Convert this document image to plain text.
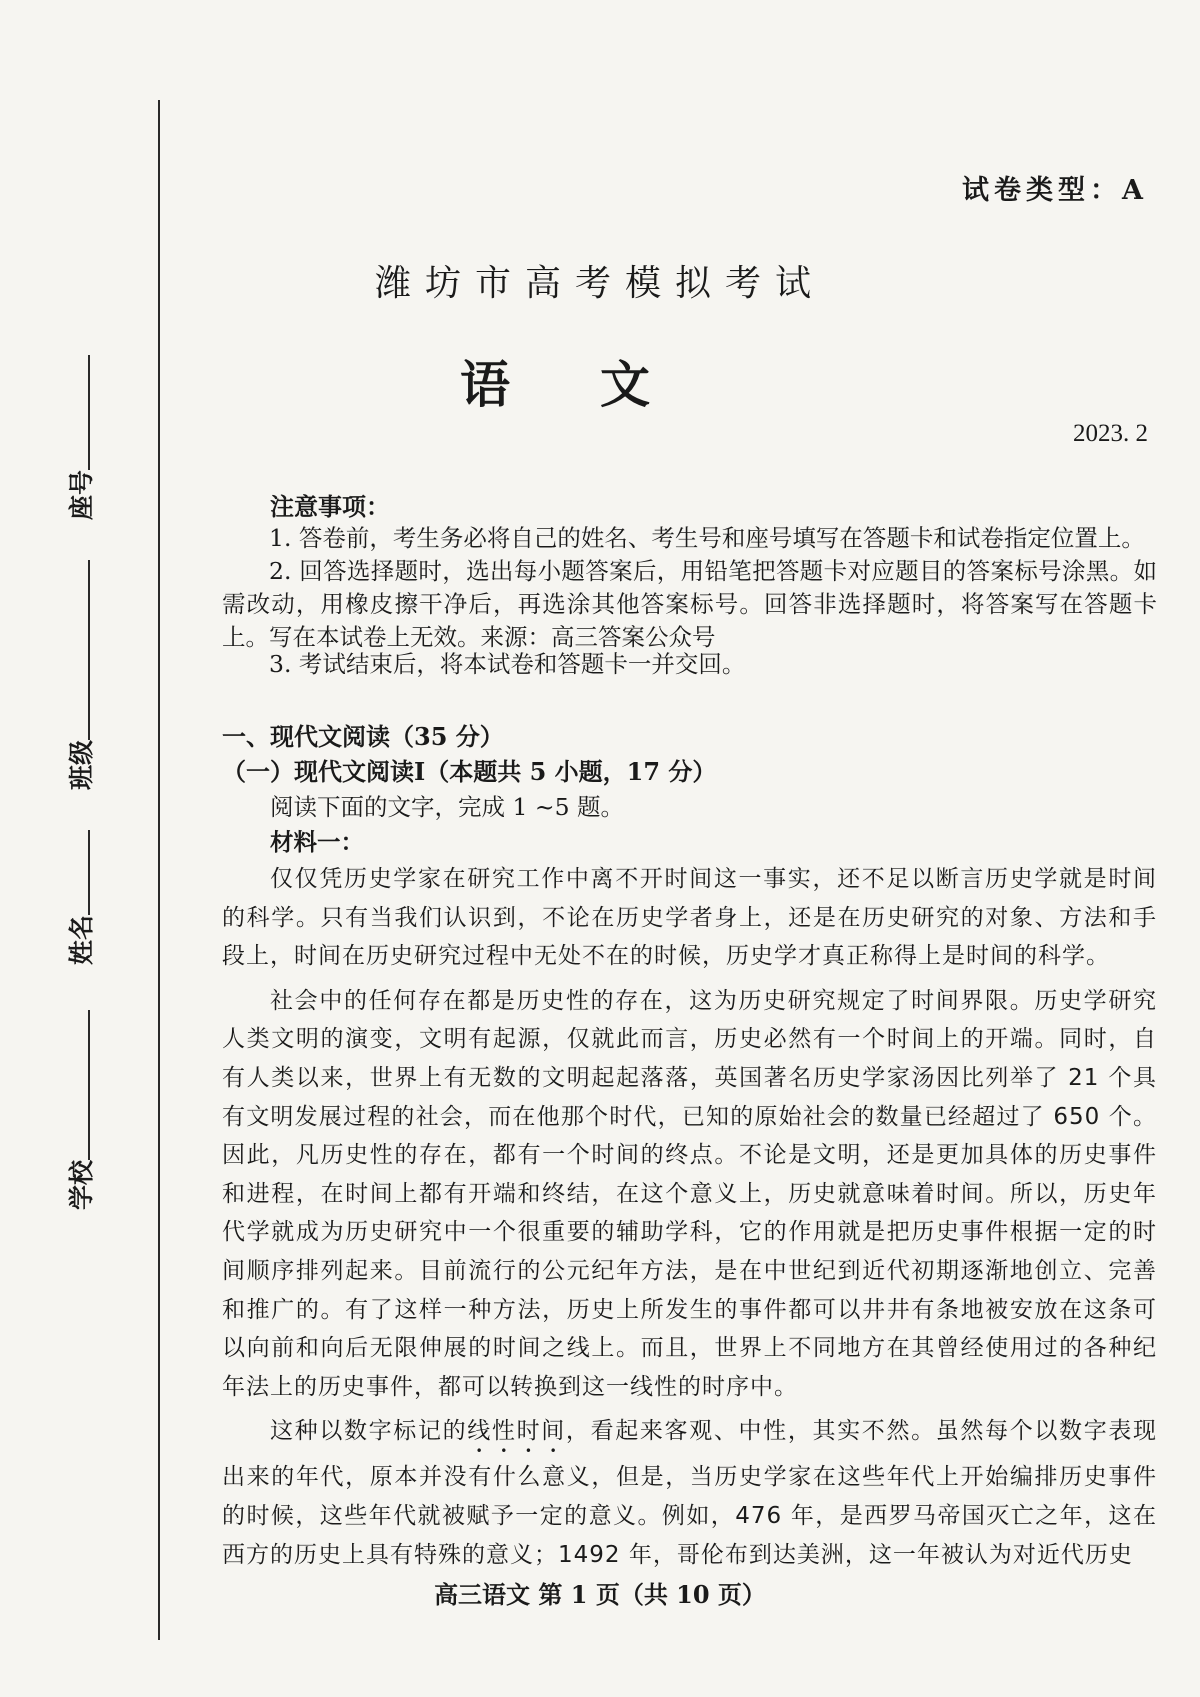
座号
班级
姓名
学校
试卷类型：A
潍坊市高考模拟考试
语文
2023. 2
注意事项：
1. 答卷前，考生务必将自己的姓名、考生号和座号填写在答题卡和试卷指定位置上。
2. 回答选择题时，选出每小题答案后，用铅笔把答题卡对应题目的答案标号涂黑。如需改动，用橡皮擦干净后，再选涂其他答案标号。回答非选择题时，将答案写在答题卡上。写在本试卷上无效。来源：高三答案公众号
3. 考试结束后，将本试卷和答题卡一并交回。
一、现代文阅读（35 分）
（一）现代文阅读Ⅰ（本题共 5 小题，17 分）
阅读下面的文字，完成 1 ~5 题。
材料一：

仅仅凭历史学家在研究工作中离不开时间这一事实，还不足以断言历史学就是时间的科学。只有当我们认识到，不论在历史学者身上，还是在历史研究的对象、方法和手段上，时间在历史研究过程中无处不在的时候，历史学才真正称得上是时间的科学。

社会中的任何存在都是历史性的存在，这为历史研究规定了时间界限。历史学研究人类文明的演变，文明有起源，仅就此而言，历史必然有一个时间上的开端。同时，自有人类以来，世界上有无数的文明起起落落，英国著名历史学家汤因比列举了 21 个具有文明发展过程的社会，而在他那个时代，已知的原始社会的数量已经超过了 650 个。因此，凡历史性的存在，都有一个时间的终点。不论是文明，还是更加具体的历史事件和进程，在时间上都有开端和终结，在这个意义上，历史就意味着时间。所以，历史年代学就成为历史研究中一个很重要的辅助学科，它的作用就是把历史事件根据一定的时间顺序排列起来。目前流行的公元纪年方法，是在中世纪到近代初期逐渐地创立、完善和推广的。有了这样一种方法，历史上所发生的事件都可以井井有条地被安放在这条可以向前和向后无限伸展的时间之线上。而且，世界上不同地方在其曾经使用过的各种纪年法上的历史事件，都可以转换到这一线性的时序中。

这种以数字标记的线性时间，看起来客观、中性，其实不然。虽然每个以数字表现出来的年代，原本并没有什么意义，但是，当历史学家在这些年代上开始编排历史事件的时候，这些年代就被赋予一定的意义。例如，476 年，是西罗马帝国灭亡之年，这在西方的历史上具有特殊的意义；1492 年，哥伦布到达美洲，这一年被认为对近代历史

高三语文 第 1 页（共 10 页）
